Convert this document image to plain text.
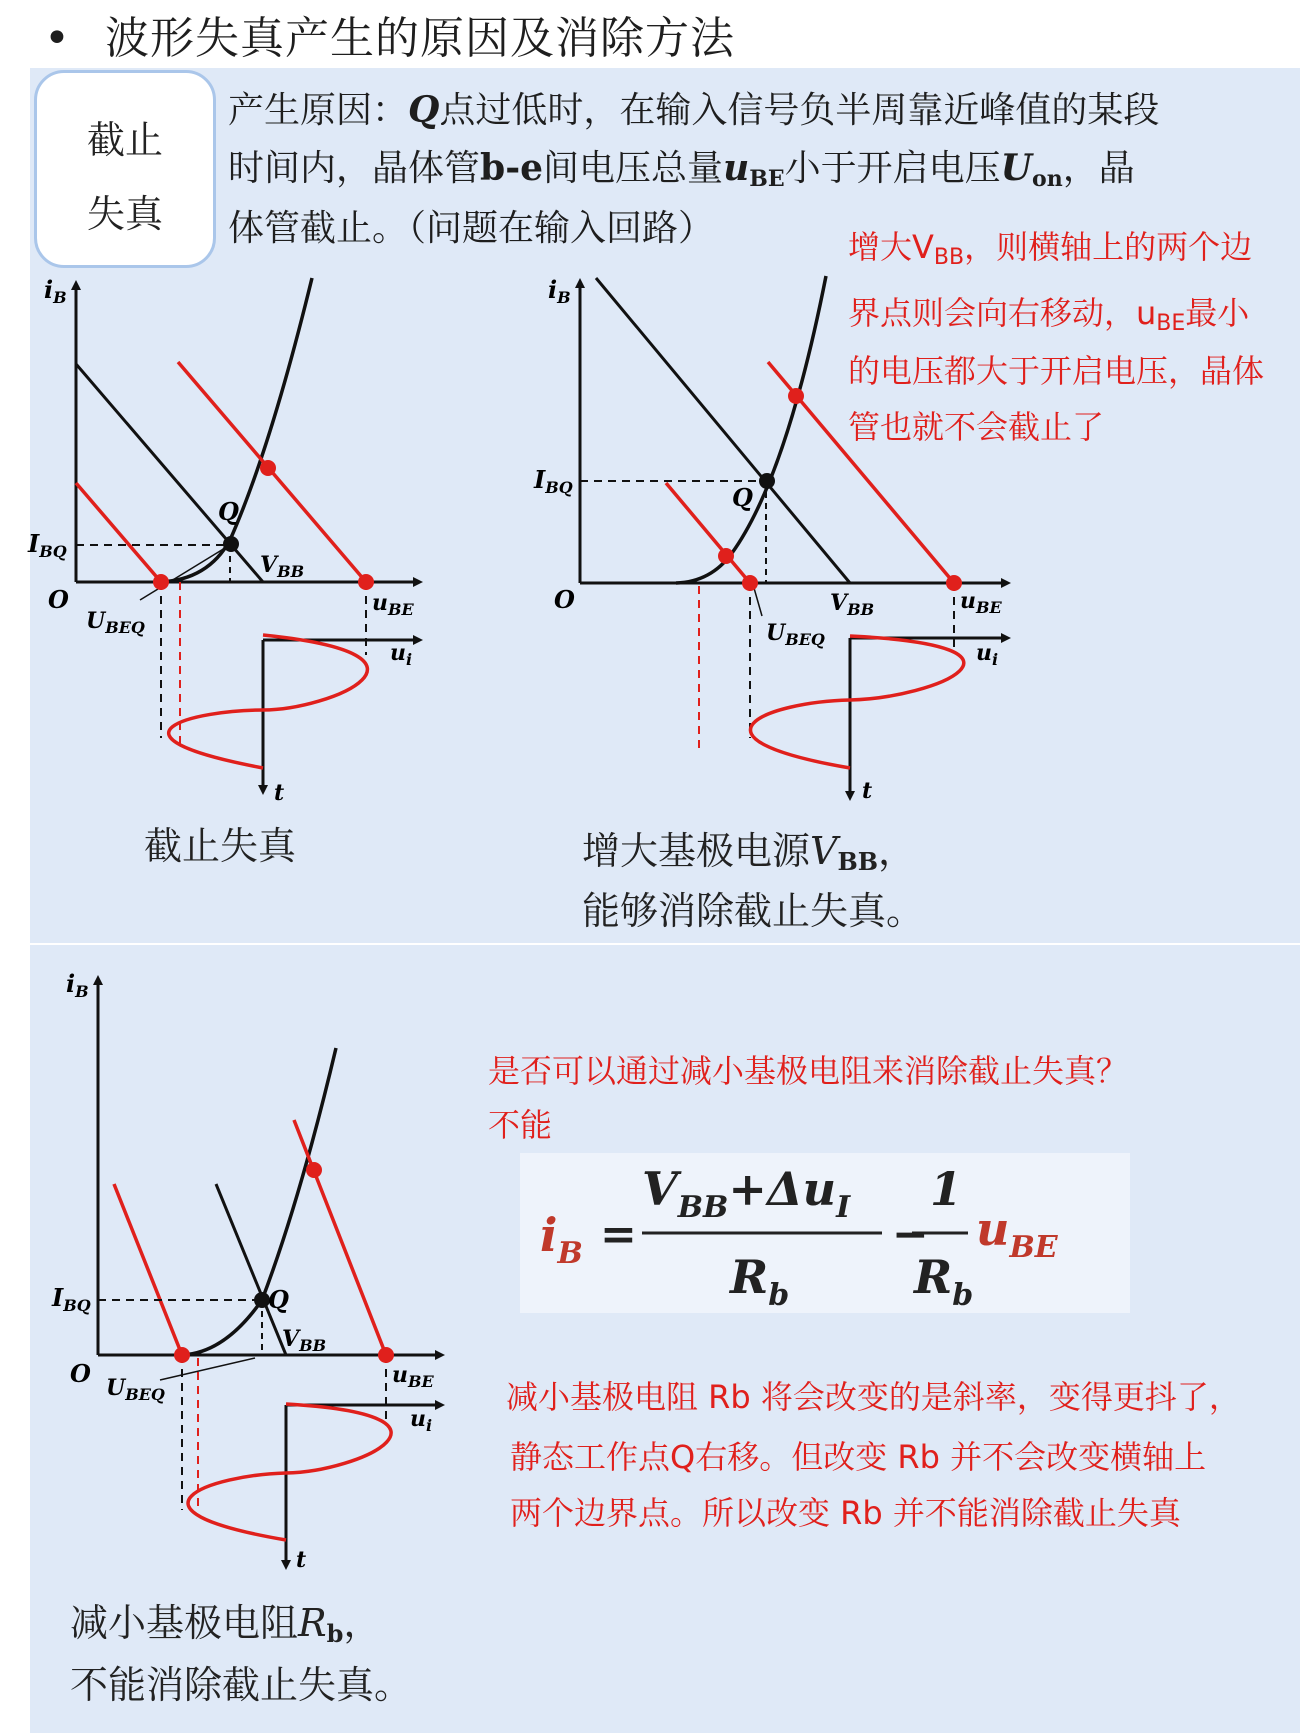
• 波形失真产生的原因及消除方法
截止
失真
产生原因：Q点过低时，在输入信号负半周靠近峰值的某段
时间内，晶体管b-e间电压总量$u_{BE}$小于开启电压$U_{on}$，晶
体管截止。（问题在输入回路）	增大$V_{BB}$，则横轴上的两个边
界点则会向右移动，$u_{BE}$最小
的电压都大于开启电压，晶体
管也就不会截止了
$i_B$
$I_{BQ}$
O
Q
$V_{BB}$
$u_{BE}$
$u_i$
$U_{BEQ}$
t
截止失真
$i_B$
$I_{BQ}$
O
Q
$V_{BB}$	$u_{BE}$
$u_i$
$U_{BEQ}$
t
增大基极电源$V_{BB}$，
能够消除截止失真。
$i_B$
$I_{BQ}$
O
Q
$V_{BB}$
$u_{BE}$
$u_i$
$U_{BEQ}$
t
减小基极电阻$R_b$，
不能消除截止失真。
是否可以通过减小基极电阻来消除截止失真？
不能
$i_B$ =
$V_{BB}+\Delta u_I$
$R_b$
−
1
$R_b$
$u_{BE}$
减小基极电阻 Rb 将会改变的是斜率，变得更抖了，
静态工作点Q右移。但改变 Rb 并不会改变横轴上
两个边界点。所以改变 Rb 并不能消除截止失真
